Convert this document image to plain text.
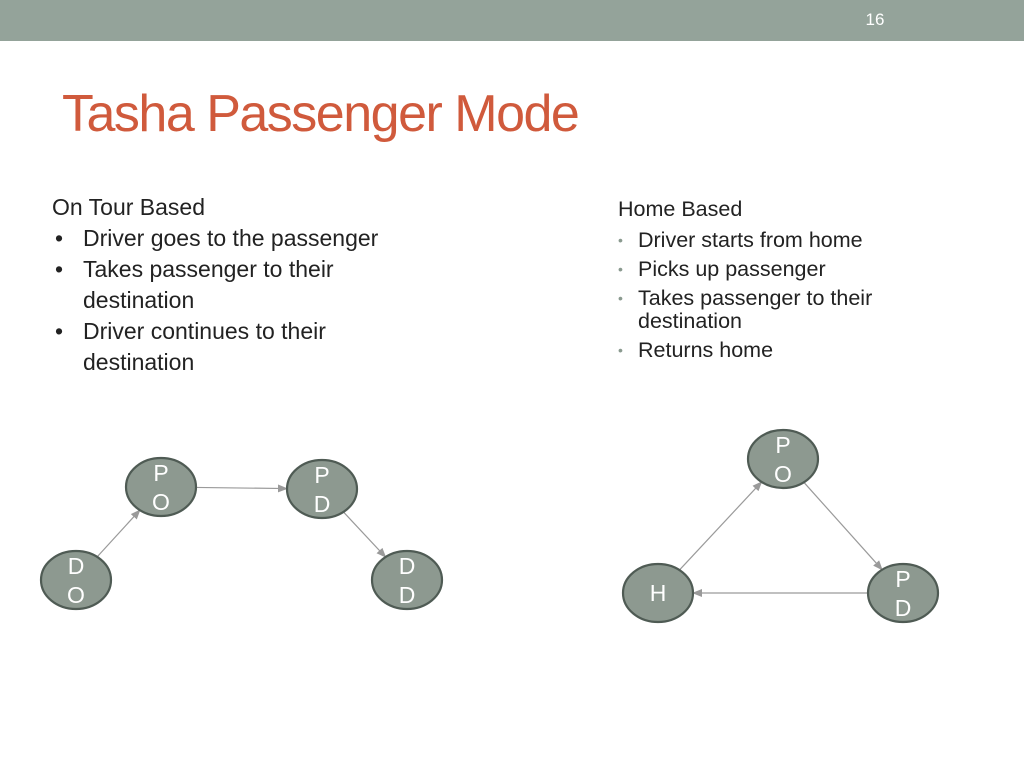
16
Tasha Passenger Mode
On Tour Based
• Driver goes to the passenger
• Takes passenger to their
destination
• Driver continues to their
destination
Home Based
• Driver starts from home
• Picks up passenger
• Takes passenger to their
destination
• Returns home
D
O
P
O
P
D
D
D	H
P
O
P
D
